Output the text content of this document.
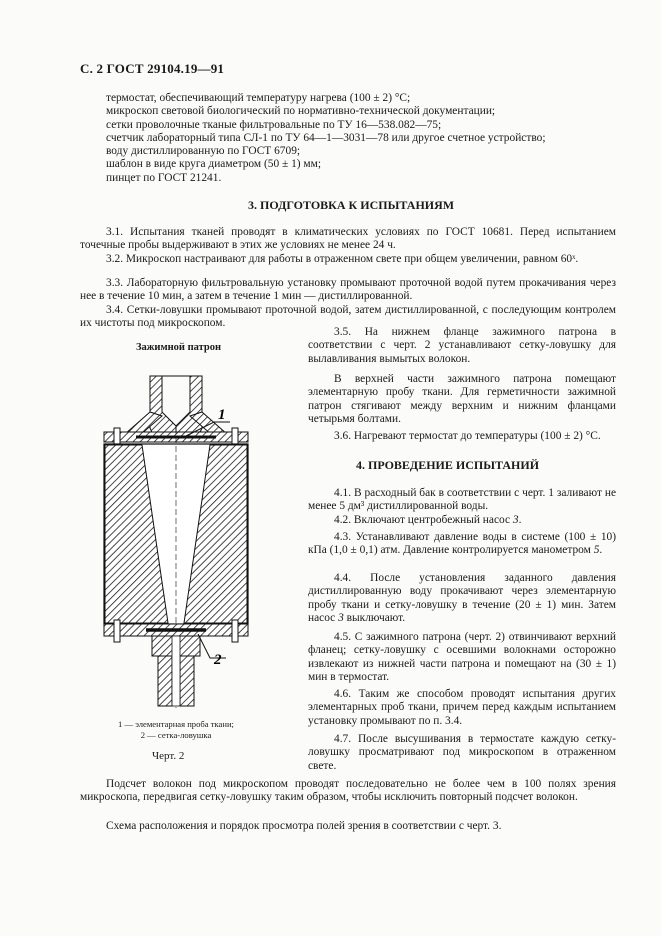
С. 2 ГОСТ 29104.19—91
термостат, обеспечивающий температуру нагрева (100 ± 2) °С;
микроскоп световой биологический по нормативно-технической документации;
сетки проволочные тканые фильтровальные по ТУ 16—538.082—75;
счетчик лабораторный типа СЛ-1 по ТУ 64—1—3031—78 или другое счетное устройство;
воду дистиллированную по ГОСТ 6709;
шаблон в виде круга диаметром (50 ± 1) мм;
пинцет по ГОСТ 21241.
3. ПОДГОТОВКА К ИСПЫТАНИЯМ
3.1. Испытания тканей проводят в климатических условиях по ГОСТ 10681. Перед испытанием точечные пробы выдерживают в этих же условиях не менее 24 ч.
3.2. Микроскоп настраивают для работы в отраженном свете при общем увеличении, равном 60ˣ.
3.3. Лабораторную фильтровальную установку промывают проточной водой путем прокачивания через нее в течение 10 мин, а затем в течение 1 мин — дистиллированной.
3.4. Сетки-ловушки промывают проточной водой, затем дистиллированной, с последующим контролем их чистоты под микроскопом.
Зажимной патрон
1
2
1 — элементарная проба ткани;
2 — сетка-ловушка
Черт. 2
3.5. На нижнем фланце зажимного патрона в соответствии с черт. 2 устанавливают сетку-ловушку для вылавливания вымытых волокон.
В верхней части зажимного патрона помещают элементарную пробу ткани. Для герметичности зажимной патрон стягивают между верхним и нижним фланцами четырьмя болтами.
3.6. Нагревают термостат до температуры (100 ± 2) °С.
4. ПРОВЕДЕНИЕ ИСПЫТАНИЙ
4.1. В расходный бак в соответствии с черт. 1 заливают не менее 5 дм³ дистиллированной воды.
4.2. Включают центробежный насос 3.
4.3. Устанавливают давление воды в системе (100 ± 10) кПа (1,0 ± 0,1) атм. Давление контролируется манометром 5.
4.4. После установления заданного давления дистиллированную воду прокачивают через элементарную пробу ткани и сетку-ловушку в течение (20 ± 1) мин. Затем насос 3 выключают.
4.5. С зажимного патрона (черт. 2) отвинчивают верхний фланец; сетку-ловушку с осевшими волокнами осторожно извлекают из нижней части патрона и помещают на (30 ± 1) мин в термостат.
4.6. Таким же способом проводят испытания других элементарных проб ткани, причем перед каждым испытанием установку промывают по п. 3.4.
4.7. После высушивания в термостате каждую сетку-ловушку просматривают под микроскопом в отраженном свете.
Подсчет волокон под микроскопом проводят последовательно не более чем в 100 полях зрения микроскопа, передвигая сетку-ловушку таким образом, чтобы исключить повторный подсчет волокон.
Схема расположения и порядок просмотра полей зрения в соответствии с черт. 3.
